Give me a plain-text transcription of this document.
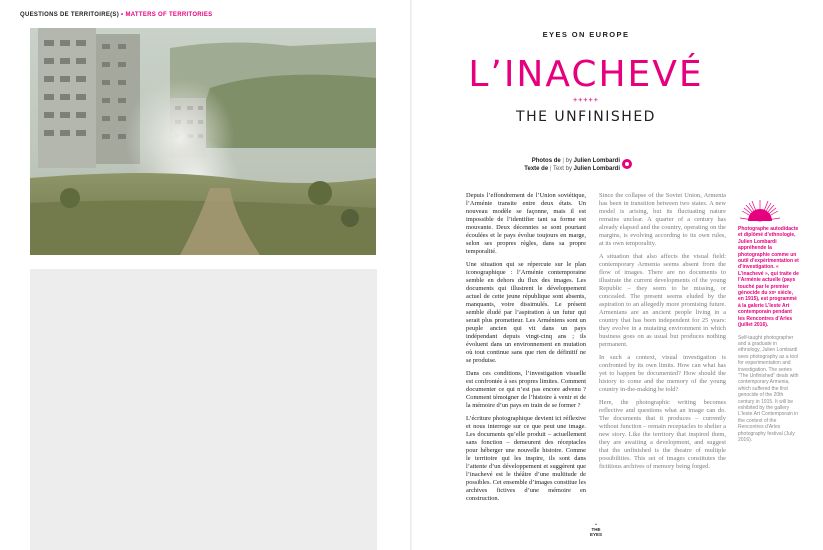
QUESTIONS DE TERRITOIRE(S) • MATTERS OF TERRITORIES
EYES ON EUROPE
L’INACHEVÉ
+++++
THE UNFINISHED
Photos de | by Julien Lombardi
Texte de | Text by Julien Lombardi

Depuis l’effondrement de l’Union soviétique, l’Arménie transite entre deux états. Un nouveau modèle se façonne, mais il est impossible de l’identifier tant sa forme est mouvante. Deux décennies se sont pourtant écoulées et le pays évolue toujours en marge, selon ses propres règles, dans sa propre temporalité.

Une situation qui se répercute sur le plan iconographique : l’Arménie contemporaine semble en dehors du flux des images. Les documents qui illustrent le développement actuel de cette jeune république sont absents, manquants, voire dissimulés. Le présent semble éludé par l’aspiration à un futur qui serait plus prometteur. Les Arméniens sont un peuple ancien qui vit dans un pays indépendant depuis vingt-cinq ans ; ils évoluent dans un environnement en mutation où tout continue sans que rien de définitif ne se produise.

Dans ces conditions, l’investigation visuelle est confrontée à ses propres limites. Comment documenter ce qui n’est pas encore advenu ? Comment témoigner de l’histoire à venir et de la mémoire d’un pays en train de se former ?

L’écriture photographique devient ici réflexive et nous interroge sur ce que peut une image. Les documents qu’elle produit – actuellement sans fonction – demeurent des réceptacles pour héberger une nouvelle histoire. Comme le territoire qui les inspire, ils sont dans l’attente d’un développement et suggèrent que l’inachevé est le théâtre d’une multitude de possibles. Cet ensemble d’images constitue les archives fictives d’une mémoire en construction.

Since the collapse of the Soviet Union, Armenia has been in transition between two states. A new model is arising, but its fluctuating nature remains unclear. A quarter of a century has already elapsed and the country, operating on the margins, is evolving according to its own rules, at its own temporality.

A situation that also affects the visual field: contemporary Armenia seems absent from the flow of images. There are no documents to illustrate the current developments of the young Republic – they seem to be missing, or concealed. The present seems eluded by the aspiration to an allegedly more promising future. Armenians are an ancient people living in a country that has been independent for 25 years: they evolve in a mutating environment in which business goes on as usual but produces nothing permanent.

In such a context, visual investigation is confronted by its own limits. How can what has yet to happen be documented? How should the history to come and the memory of the young country in-the-making be told?

Here, the photographic writing becomes reflective and questions what an image can do. The documents that it produces – currently without function – remain receptacles to shelter a new story. Like the territory that inspired them, they are awaiting a development, and suggest that the unfinished is the theatre of multiple possibilities. This set of images constitutes the fictitious archives of memory being forged.

Photographe autodidacte et diplômé d’ethnologie, Julien Lombardi appréhende la photographie comme un outil d’expérimentation et d’investigation. « L’inachevé », qui traite de l’Arménie actuelle (pays touché par le premier génocide du xxᵉ siècle, en 1915), est programmé à la galerie L’Ieste Art contemporain pendant les Rencontres d’Arles (juillet 2016).

Self-taught photographer and a graduate in ethnology, Julien Lombardi sees photography as a tool for experimentation and investigation. The series “The Unfinished” deals with contemporary Armenia, which suffered the first genocide of the 20th century in 1915. It will be exhibited by the gallery L’Ieste Art Contemporain in the context of the Rencontres d’Arles photography festival (July 2016).

•
THE
EYES
